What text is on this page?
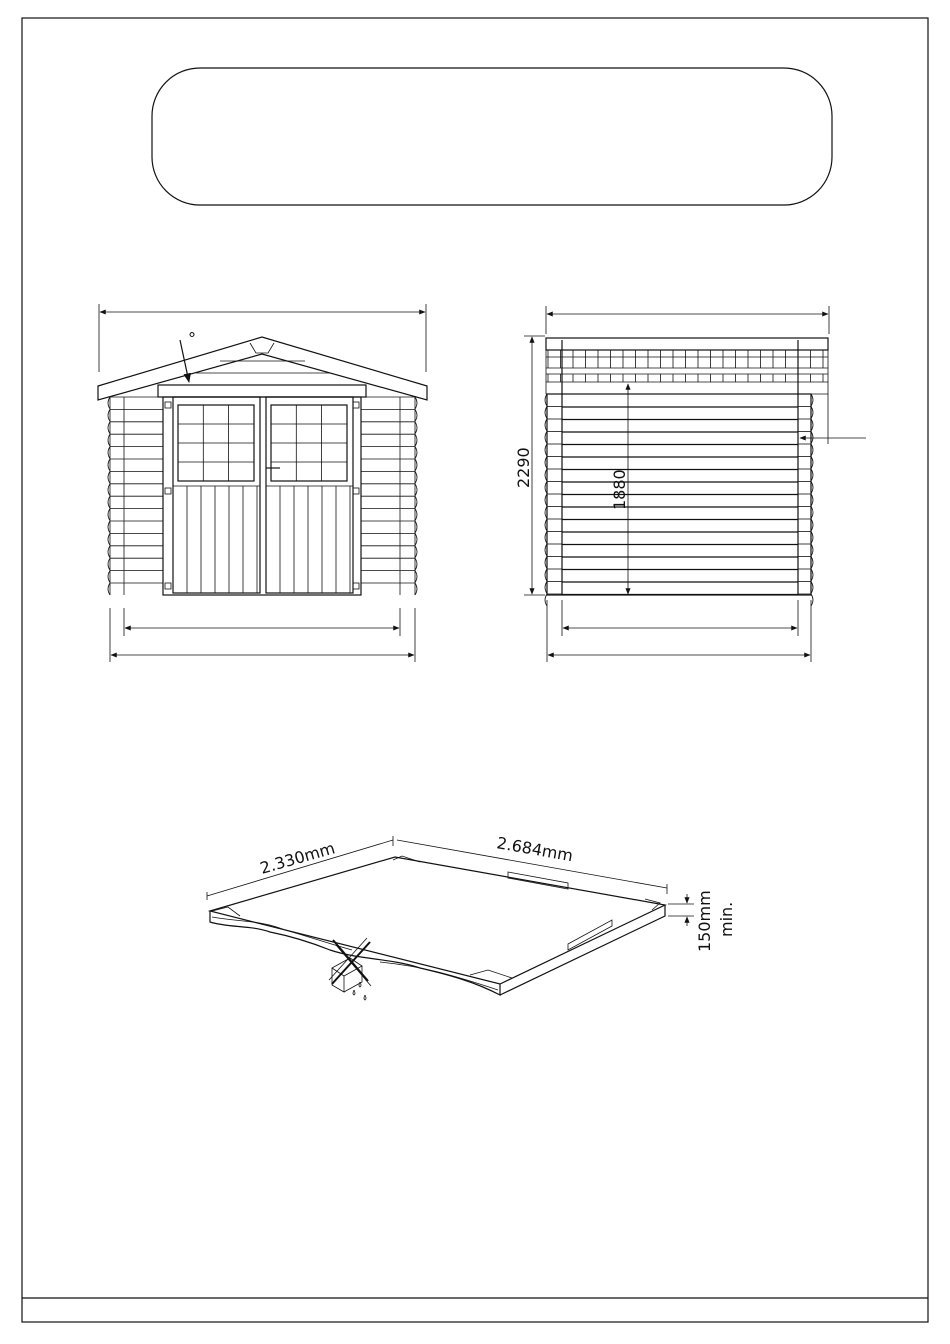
°
2290
1880
2.330mm	2.684mm
150mm min.
